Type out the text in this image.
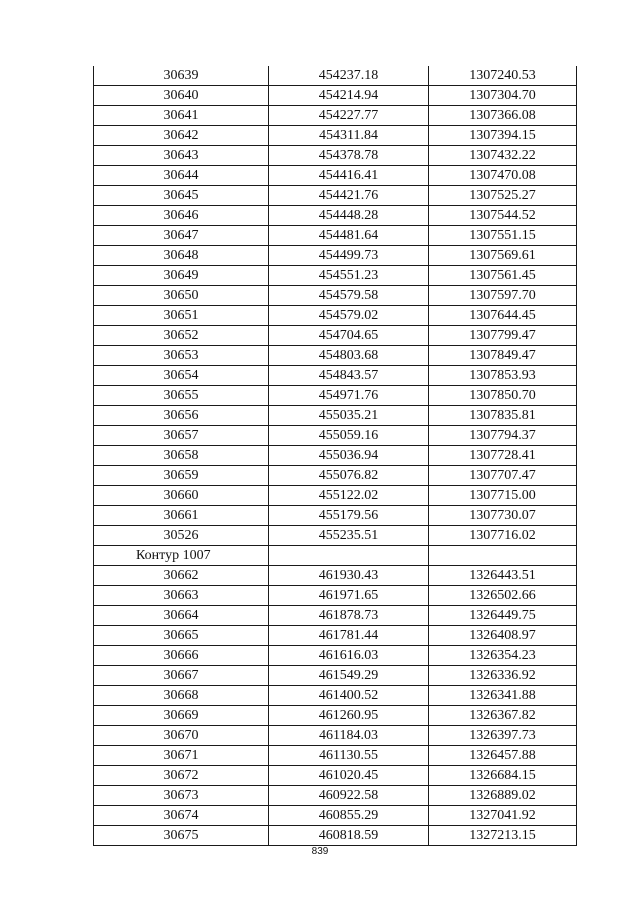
30639	454237.18	1307240.53
30640	454214.94	1307304.70
30641	454227.77	1307366.08
30642	454311.84	1307394.15
30643	454378.78	1307432.22
30644	454416.41	1307470.08
30645	454421.76	1307525.27
30646	454448.28	1307544.52
30647	454481.64	1307551.15
30648	454499.73	1307569.61
30649	454551.23	1307561.45
30650	454579.58	1307597.70
30651	454579.02	1307644.45
30652	454704.65	1307799.47
30653	454803.68	1307849.47
30654	454843.57	1307853.93
30655	454971.76	1307850.70
30656	455035.21	1307835.81
30657	455059.16	1307794.37
30658	455036.94	1307728.41
30659	455076.82	1307707.47
30660	455122.02	1307715.00
30661	455179.56	1307730.07
30526	455235.51	1307716.02
Контур 1007		
30662	461930.43	1326443.51
30663	461971.65	1326502.66
30664	461878.73	1326449.75
30665	461781.44	1326408.97
30666	461616.03	1326354.23
30667	461549.29	1326336.92
30668	461400.52	1326341.88
30669	461260.95	1326367.82
30670	461184.03	1326397.73
30671	461130.55	1326457.88
30672	461020.45	1326684.15
30673	460922.58	1326889.02
30674	460855.29	1327041.92
30675	460818.59	1327213.15
839
